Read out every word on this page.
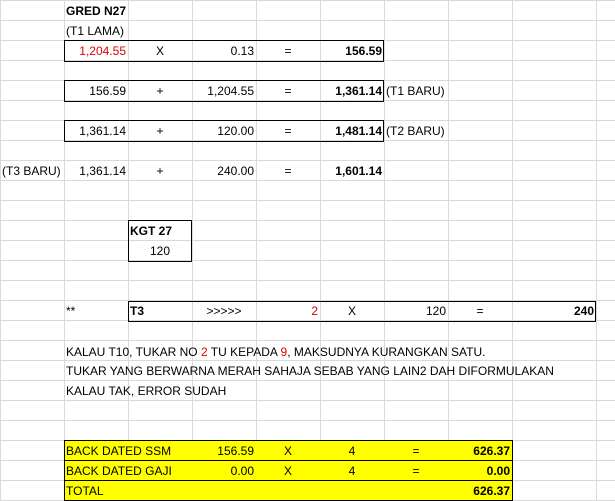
GRED N27
(T1 LAMA)
1,204.55	X	0.13	=	156.59
156.59	+	1,204.55	=	1,361.14 (T1 BARU)
1,361.14	+	120.00	=	1,481.14 (T2 BARU)
(T3 BARU)	1,361.14	+	240.00	=	1,601.14
KGT 27
120
**	T3	>>>>>	2	X	120	=	240
KALAU T10, TUKAR NO 2 TU KEPADA 9, MAKSUDNYA KURANGKAN SATU.
TUKAR YANG BERWARNA MERAH SAHAJA SEBAB YANG LAIN2 DAH DIFORMULAKAN
KALAU TAK, ERROR SUDAH
BACK DATED SSM	156.59	X	4	=	626.37
BACK DATED GAJI	0.00	X	4	=	0.00
TOTAL	626.37
